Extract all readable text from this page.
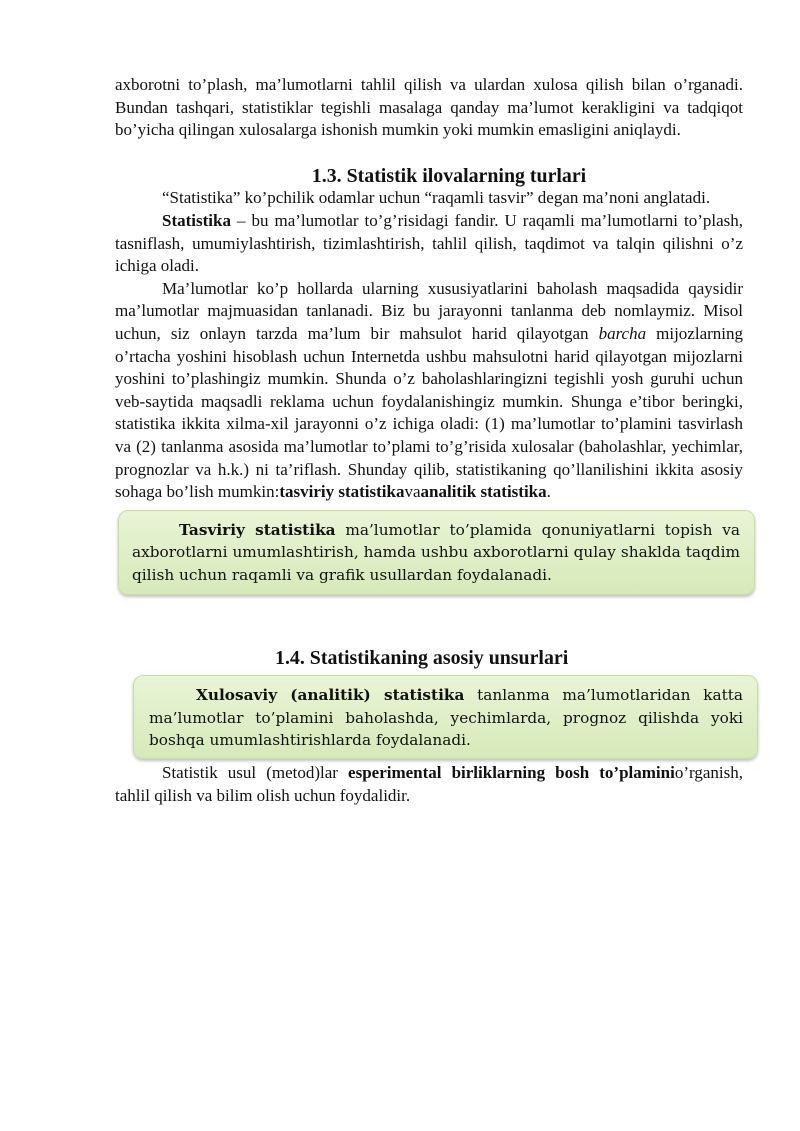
axborotni to’plash, ma’lumotlarni tahlil qilish va ulardan xulosa qilish bilan o’rganadi. Bundan tashqari, statistiklar tegishli masalaga qanday ma’lumot kerakligini va tadqiqot bo’yicha qilingan xulosalarga ishonish mumkin yoki mumkin emasligini aniqlaydi.

1.3. Statistik ilovalarning turlari

“Statistika” ko’pchilik odamlar uchun “raqamli tasvir” degan ma’noni anglatadi.

Statistika – bu ma’lumotlar to’g’risidagi fandir. U raqamli ma’lumotlarni to’plash, tasniflash, umumiylashtirish, tizimlashtirish, tahlil qilish, taqdimot va talqin qilishni o’z ichiga oladi.

Ma’lumotlar ko’p hollarda ularning xususiyatlarini baholash maqsadida qaysidir ma’lumotlar majmuasidan tanlanadi. Biz bu jarayonni tanlanma deb nomlaymiz. Misol uchun, siz onlayn tarzda ma’lum bir mahsulot harid qilayotgan barcha mijozlarning o’rtacha yoshini hisoblash uchun Internetda ushbu mahsulotni harid qilayotgan mijozlarni yoshini to’plashingiz mumkin. Shunda o’z baholashlaringizni tegishli yosh guruhi uchun veb-saytida maqsadli reklama uchun foydalanishingiz mumkin. Shunga e’tibor beringki, statistika ikkita xilma-xil jarayonni o’z ichiga oladi: (1) ma’lumotlar to’plamini tasvirlash va (2) tanlanma asosida ma’lumotlar to’plami to’g’risida xulosalar (baholashlar, yechimlar, prognozlar va h.k.) ni ta’riflash. Shunday qilib, statistikaning qo’llanilishini ikkita asosiy sohaga bo’lish mumkin:tasviriy statistikavaanalitik statistika.

Tasviriy statistika ma’lumotlar to’plamida qonuniyatlarni topish va axborotlarni umumlashtirish, hamda ushbu axborotlarni qulay shaklda taqdim qilish uchun raqamli va grafik usullardan foydalanadi.

1.4. Statistikaning asosiy unsurlari

Xulosaviy (analitik) statistika tanlanma ma’lumotlaridan katta ma’lumotlar to’plamini baholashda, yechimlarda, prognoz qilishda yoki boshqa umumlashtirishlarda foydalanadi.

Statistik usul (metod)lar esperimental birliklarning bosh to’plaminio’rganish, tahlil qilish va bilim olish uchun foydalidir.
